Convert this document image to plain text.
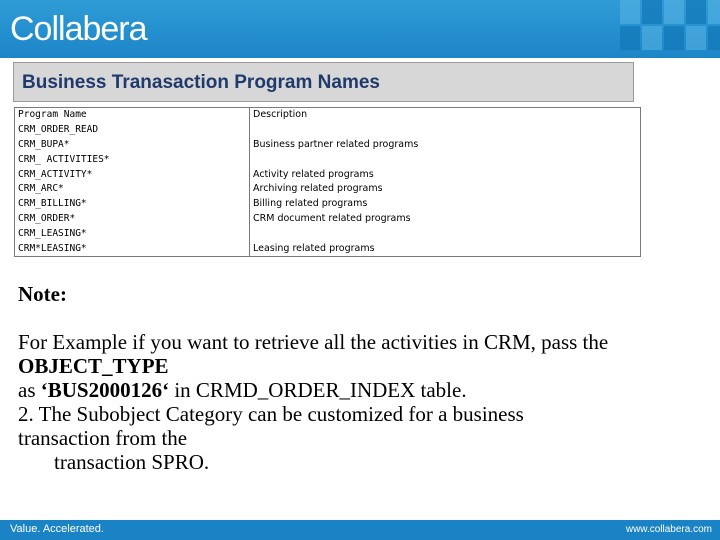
Collabera
Business Tranasaction Program Names
Program Name	Description
CRM_ORDER_READ	
CRM_BUPA*	Business partner related programs
CRM_ ACTIVITIES*	
CRM_ACTIVITY*	Activity related programs
CRM_ARC*	Archiving related programs
CRM_BILLING*	Billing related programs
CRM_ORDER*	CRM document related programs
CRM_LEASING*	
CRM*LEASING*	Leasing related programs
Note:

For Example if you want to retrieve all the activities in CRM, pass the

OBJECT_TYPE

as ‘BUS2000126‘ in CRMD_ORDER_INDEX table.

2. The Subobject Category can be customized for a business

transaction from the

transaction SPRO.

Value. Accelerated.	www.collabera.com
